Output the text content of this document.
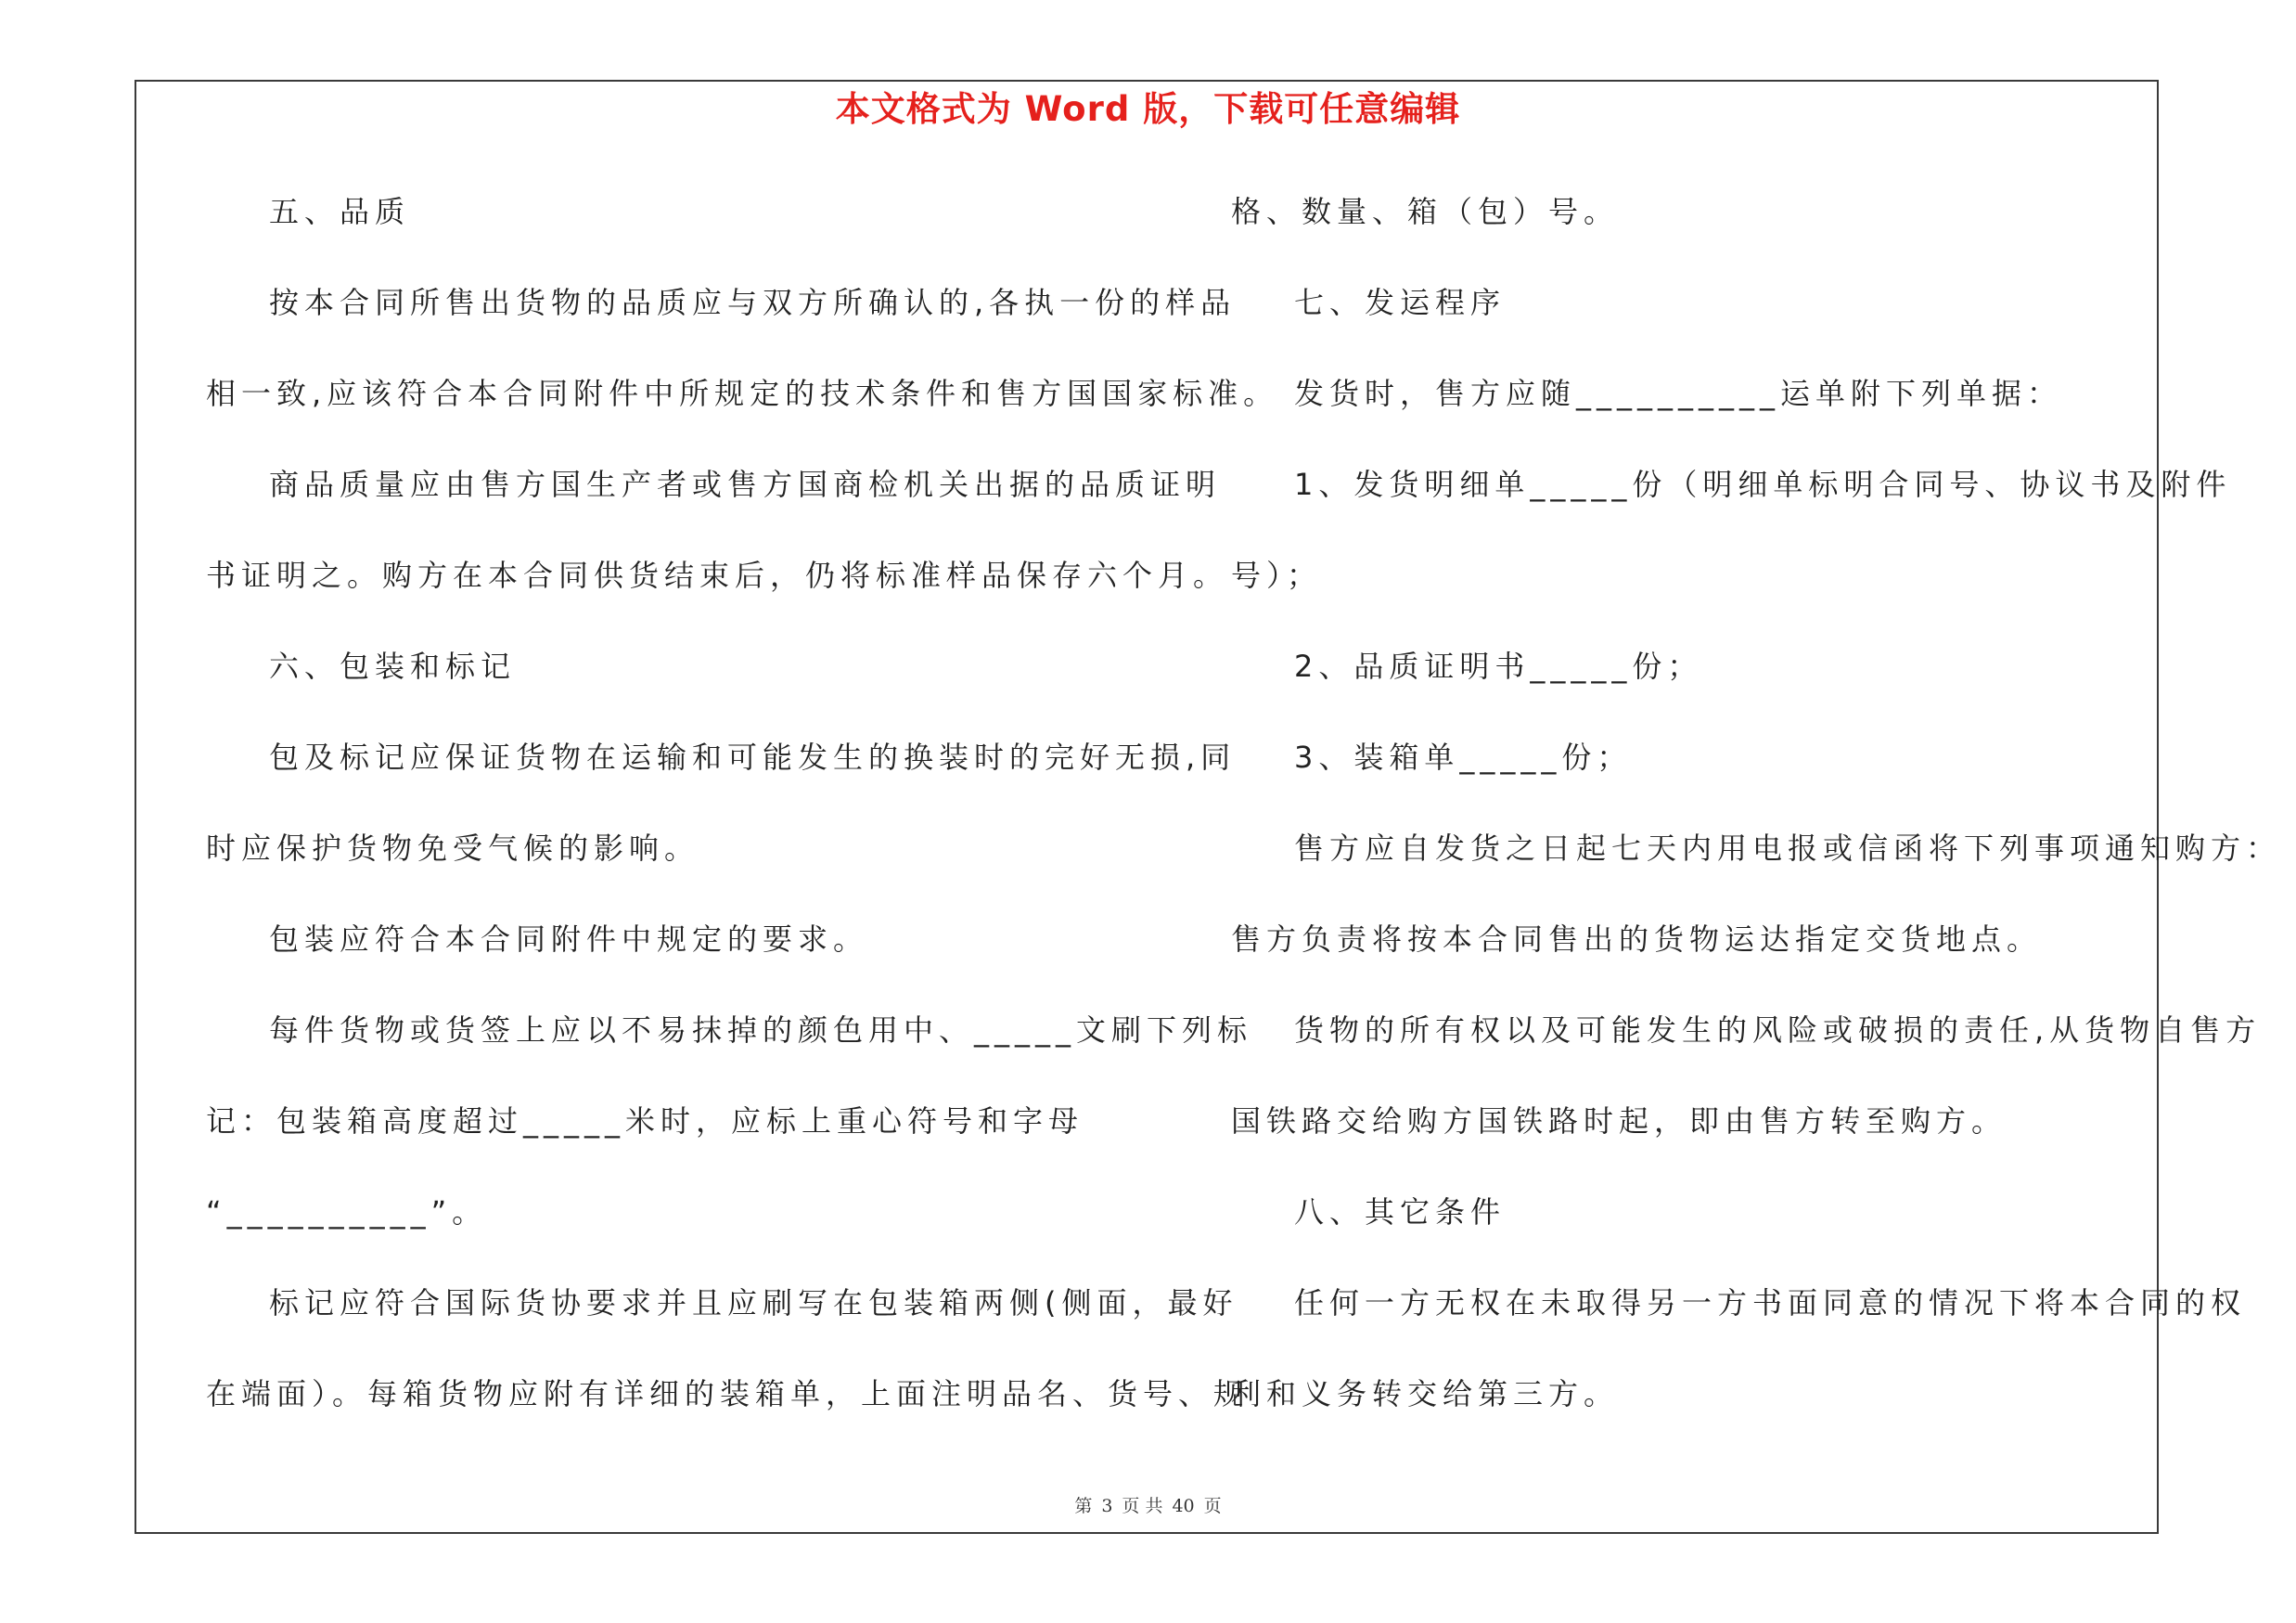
本文格式为 Word 版，下载可任意编辑
五、品质
按本合同所售出货物的品质应与双方所确认的,各执一份的样品
相一致,应该符合本合同附件中所规定的技术条件和售方国国家标准。
商品质量应由售方国生产者或售方国商检机关出据的品质证明
书证明之。购方在本合同供货结束后，仍将标准样品保存六个月。
六、包装和标记
包及标记应保证货物在运输和可能发生的换装时的完好无损,同
时应保护货物免受气候的影响。
包装应符合本合同附件中规定的要求。
每件货物或货签上应以不易抹掉的颜色用中、_____文刷下列标
记：包装箱高度超过_____米时，应标上重心符号和字母
“__________”。
标记应符合国际货协要求并且应刷写在包装箱两侧(侧面，最好
在端面）。每箱货物应附有详细的装箱单，上面注明品名、货号、规
格、数量、箱（包）号。
七、发运程序
发货时，售方应随__________运单附下列单据：
1、发货明细单_____份（明细单标明合同号、协议书及附件
号）；
2、品质证明书_____份；
3、装箱单_____份；
售方应自发货之日起七天内用电报或信函将下列事项通知购方：
售方负责将按本合同售出的货物运达指定交货地点。
货物的所有权以及可能发生的风险或破损的责任,从货物自售方
国铁路交给购方国铁路时起，即由售方转至购方。
八、其它条件
任何一方无权在未取得另一方书面同意的情况下将本合同的权
利和义务转交给第三方。
第 3 页 共 40 页
